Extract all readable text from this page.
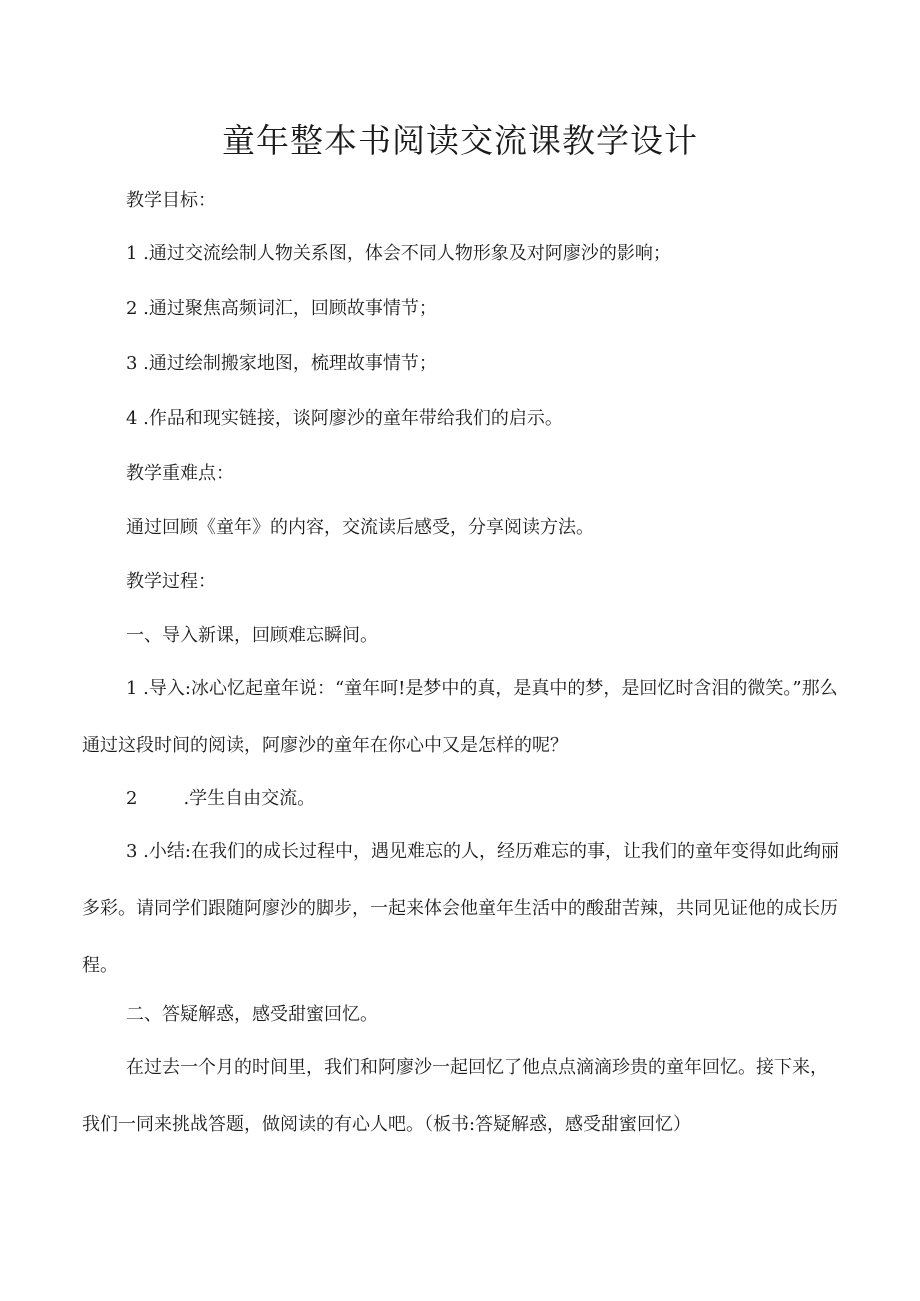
童年整本书阅读交流课教学设计

教学目标：

1 .通过交流绘制人物关系图，体会不同人物形象及对阿廖沙的影响；

2 .通过聚焦高频词汇，回顾故事情节；

3 .通过绘制搬家地图，梳理故事情节；

4 .作品和现实链接，谈阿廖沙的童年带给我们的启示。

教学重难点：

通过回顾《童年》的内容，交流读后感受，分享阅读方法。

教学过程：

一、导入新课，回顾难忘瞬间。

1 .导入:冰心忆起童年说：“童年呵!是梦中的真，是真中的梦，是回忆时含泪的微笑。”那么通过这段时间的阅读，阿廖沙的童年在你心中又是怎样的呢？

2	.学生自由交流。

3 .小结:在我们的成长过程中，遇见难忘的人，经历难忘的事，让我们的童年变得如此绚丽多彩。请同学们跟随阿廖沙的脚步，一起来体会他童年生活中的酸甜苦辣，共同见证他的成长历程。

二、答疑解惑，感受甜蜜回忆。

在过去一个月的时间里，我们和阿廖沙一起回忆了他点点滴滴珍贵的童年回忆。接下来，我们一同来挑战答题，做阅读的有心人吧。（板书:答疑解惑，感受甜蜜回忆）
